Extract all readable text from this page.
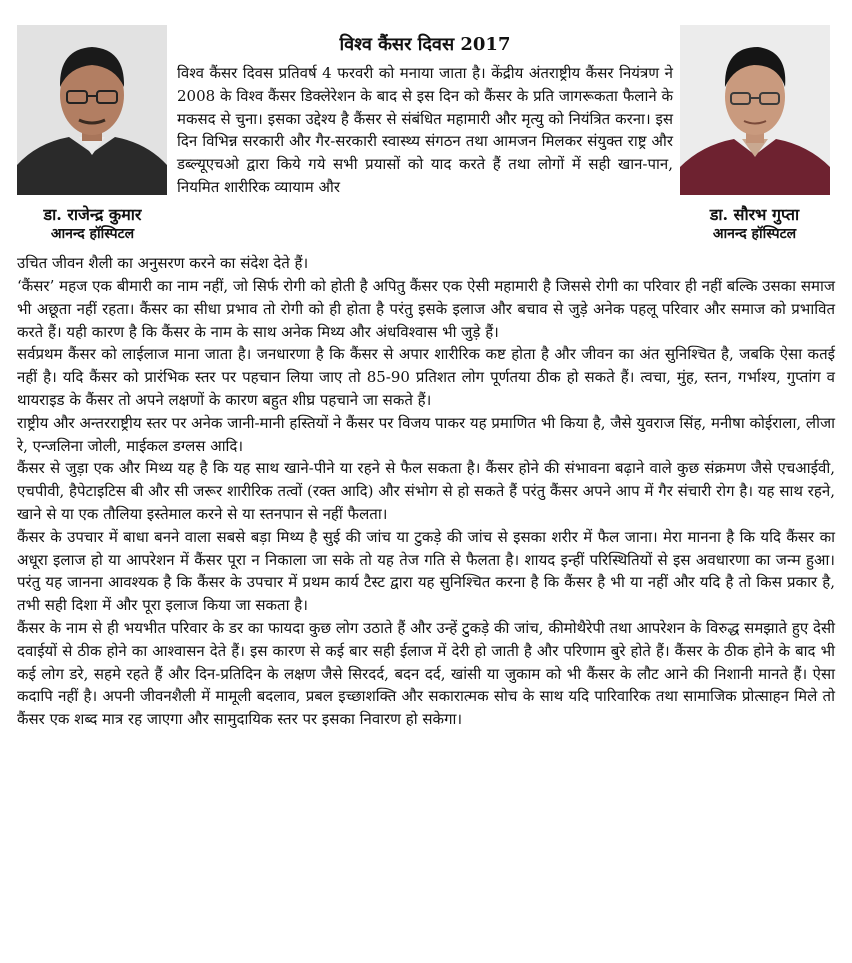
डा. राजेन्द्र कुमार
आनन्द हॉस्पिटल
डा. सौरभ गुप्ता
आनन्द हॉस्पिटल
विश्व कैंसर दिवस 2017
विश्व कैंसर दिवस प्रतिवर्ष 4 फरवरी को मनाया जाता है। केंद्रीय अंतराष्ट्रीय कैंसर नियंत्रण ने 2008 के विश्व कैंसर डिक्लेरेशन के बाद से इस दिन को कैंसर के प्रति जागरूकता फैलाने के मकसद से चुना। इसका उद्देश्य है कैंसर से संबंधित महामारी और मृत्यु को नियंत्रित करना। इस दिन विभिन्न सरकारी और गैर-सरकारी स्वास्थ्य संगठन तथा आमजन मिलकर संयुक्त राष्ट्र और डब्ल्यूएचओ द्वारा किये गये सभी प्रयासों को याद करते हैं तथा लोगों में सही खान-पान, नियमित शारीरिक व्यायाम और
उचित जीवन शैली का अनुसरण करने का संदेश देते हैं।

‘कैंसर’ महज एक बीमारी का नाम नहीं, जो सिर्फ रोगी को होती है अपितु कैंसर एक ऐसी महामारी है जिससे रोगी का परिवार ही नहीं बल्कि उसका समाज भी अछूता नहीं रहता। कैंसर का सीधा प्रभाव तो रोगी को ही होता है परंतु इसके इलाज और बचाव से जुड़े अनेक पहलू परिवार और समाज को प्रभावित करते हैं। यही कारण है कि कैंसर के नाम के साथ अनेक मिथ्य और अंधविश्वास भी जुड़े हैं।

सर्वप्रथम कैंसर को लाईलाज माना जाता है। जनधारणा है कि कैंसर से अपार शारीरिक कष्ट होता है और जीवन का अंत सुनिश्चित है, जबकि ऐसा कतई नहीं है। यदि कैंसर को प्रारंभिक स्तर पर पहचान लिया जाए तो 85-90 प्रतिशत लोग पूर्णतया ठीक हो सकते हैं। त्वचा, मुंह, स्तन, गर्भाश्य, गुप्तांग व थायराइड के कैंसर तो अपने लक्षणों के कारण बहुत शीघ्र पहचाने जा सकते हैं।

राष्ट्रीय और अन्तरराष्ट्रीय स्तर पर अनेक जानी-मानी हस्तियों ने कैंसर पर विजय पाकर यह प्रमाणित भी किया है, जैसे युवराज सिंह, मनीषा कोईराला, लीजा रे, एन्जलिना जोली, माईकल डग्लस आदि।

कैंसर से जुड़ा एक और मिथ्य यह है कि यह साथ खाने-पीने या रहने से फैल सकता है। कैंसर होने की संभावना बढ़ाने वाले कुछ संक्रमण जैसे एचआईवी, एचपीवी, हैपेटाइटिस बी और सी जरूर शारीरिक तत्वों (रक्त आदि) और संभोग से हो सकते हैं परंतु कैंसर अपने आप में गैर संचारी रोग है। यह साथ रहने, खाने से या एक तौलिया इस्तेमाल करने से या स्तनपान से नहीं फैलता।

कैंसर के उपचार में बाधा बनने वाला सबसे बड़ा मिथ्य है सुई की जांच या टुकड़े की जांच से इसका शरीर में फैल जाना। मेरा मानना है कि यदि कैंसर का अधूरा इलाज हो या आपरेशन में कैंसर पूरा न निकाला जा सके तो यह तेज गति से फैलता है। शायद इन्हीं परिस्थितियों से इस अवधारणा का जन्म हुआ। परंतु यह जानना आवश्यक है कि कैंसर के उपचार में प्रथम कार्य टैस्ट द्वारा यह सुनिश्चित करना है कि कैंसर है भी या नहीं और यदि है तो किस प्रकार है, तभी सही दिशा में और पूरा इलाज किया जा सकता है।

कैंसर के नाम से ही भयभीत परिवार के डर का फायदा कुछ लोग उठाते हैं और उन्हें टुकड़े की जांच, कीमोथैरेपी तथा आपरेशन के विरुद्ध समझाते हुए देसी दवाईयों से ठीक होने का आश्वासन देते हैं। इस कारण से कई बार सही ईलाज में देरी हो जाती है और परिणाम बुरे होते हैं। कैंसर के ठीक होने के बाद भी कई लोग डरे, सहमे रहते हैं और दिन-प्रतिदिन के लक्षण जैसे सिरदर्द, बदन दर्द, खांसी या जुकाम को भी कैंसर के लौट आने की निशानी मानते हैं। ऐसा कदापि नहीं है। अपनी जीवनशैली में मामूली बदलाव, प्रबल इच्छाशक्ति और सकारात्मक सोच के साथ यदि पारिवारिक तथा सामाजिक प्रोत्साहन मिले तो कैंसर एक शब्द मात्र रह जाएगा और सामुदायिक स्तर पर इसका निवारण हो सकेगा।
